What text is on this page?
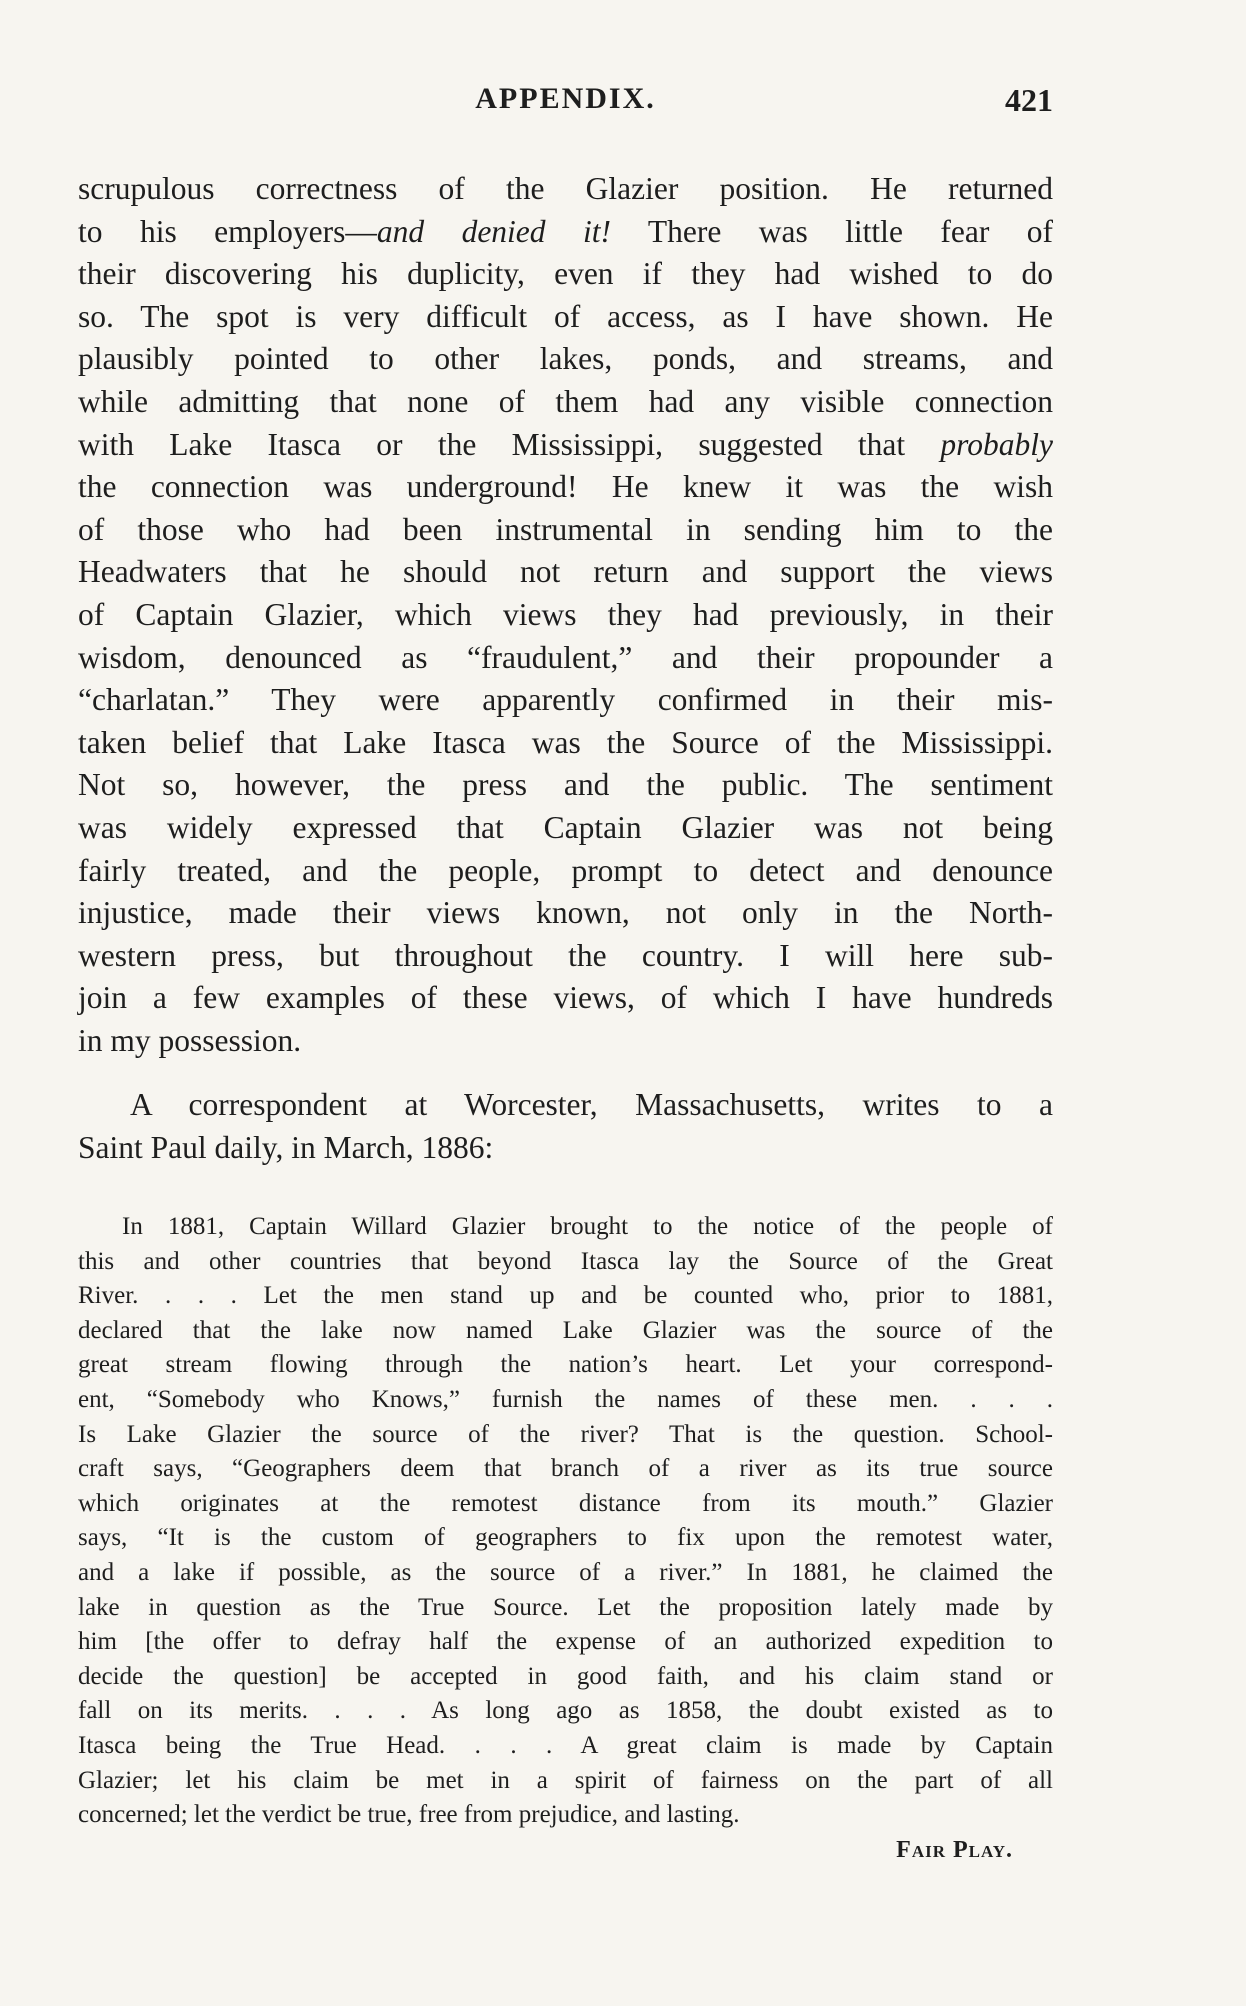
APPENDIX.	421
scrupulous correctness of the Glazier position. He returned
to his employers—and denied it! There was little fear of
their discovering his duplicity, even if they had wished to do
so. The spot is very difficult of access, as I have shown. He
plausibly pointed to other lakes, ponds, and streams, and
while admitting that none of them had any visible connection
with Lake Itasca or the Mississippi, suggested that probably
the connection was underground! He knew it was the wish
of those who had been instrumental in sending him to the
Headwaters that he should not return and support the views
of Captain Glazier, which views they had previously, in their
wisdom, denounced as “fraudulent,” and their propounder a
“charlatan.” They were apparently confirmed in their mis-
taken belief that Lake Itasca was the Source of the Mississippi.
Not so, however, the press and the public. The sentiment
was widely expressed that Captain Glazier was not being
fairly treated, and the people, prompt to detect and denounce
injustice, made their views known, not only in the North-
western press, but throughout the country. I will here sub-
join a few examples of these views, of which I have hundreds
in my possession.
A correspondent at Worcester, Massachusetts, writes to a
Saint Paul daily, in March, 1886:
In 1881, Captain Willard Glazier brought to the notice of the people of
this and other countries that beyond Itasca lay the Source of the Great
River. . . . Let the men stand up and be counted who, prior to 1881,
declared that the lake now named Lake Glazier was the source of the
great stream flowing through the nation’s heart. Let your correspond-
ent, “Somebody who Knows,” furnish the names of these men. . . .
Is Lake Glazier the source of the river? That is the question. School-
craft says, “Geographers deem that branch of a river as its true source
which originates at the remotest distance from its mouth.” Glazier
says, “It is the custom of geographers to fix upon the remotest water,
and a lake if possible, as the source of a river.” In 1881, he claimed the
lake in question as the True Source. Let the proposition lately made by
him [the offer to defray half the expense of an authorized expedition to
decide the question] be accepted in good faith, and his claim stand or
fall on its merits. . . . As long ago as 1858, the doubt existed as to
Itasca being the True Head. . . . A great claim is made by Captain
Glazier; let his claim be met in a spirit of fairness on the part of all
concerned; let the verdict be true, free from prejudice, and lasting.
Fair Play.
